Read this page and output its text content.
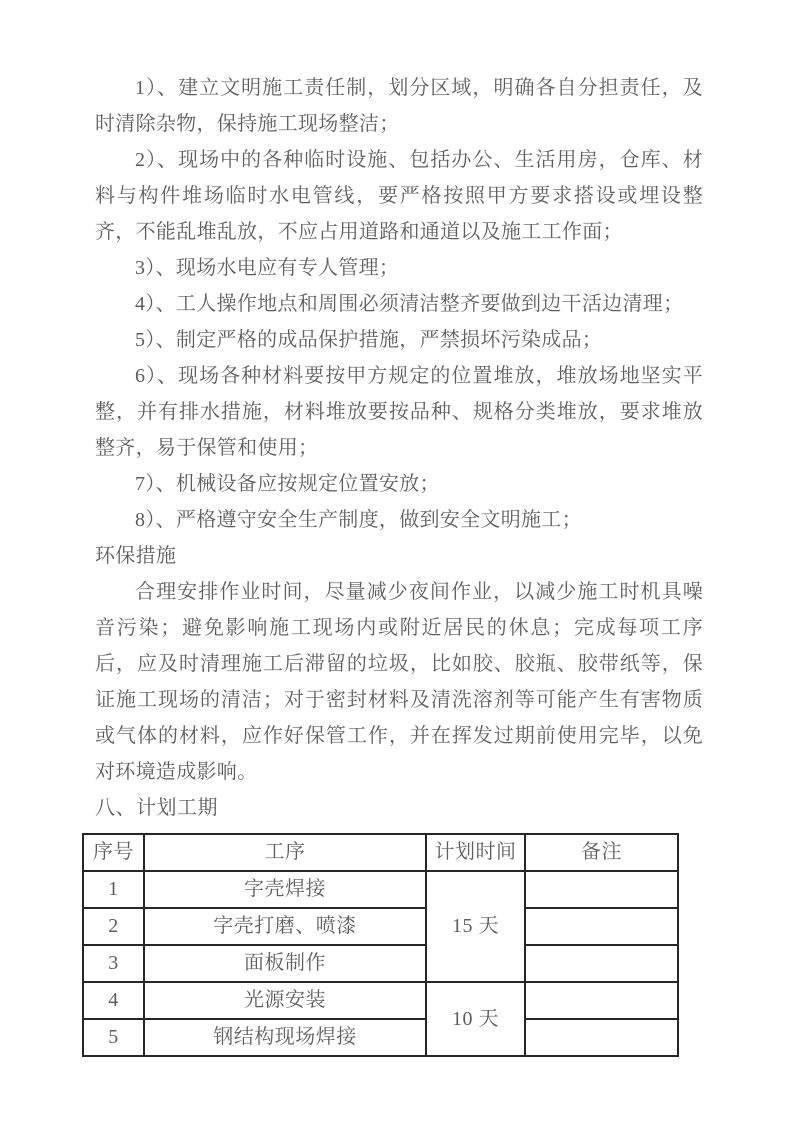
1）、建立文明施工责任制，划分区域，明确各自分担责任，及时清除杂物，保持施工现场整洁；
2）、现场中的各种临时设施、包括办公、生活用房，仓库、材料与构件堆场临时水电管线，要严格按照甲方要求搭设或埋设整齐，不能乱堆乱放，不应占用道路和通道以及施工工作面；
3）、现场水电应有专人管理；
4）、工人操作地点和周围必须清洁整齐要做到边干活边清理；
5）、制定严格的成品保护措施，严禁损坏污染成品；
6）、现场各种材料要按甲方规定的位置堆放，堆放场地坚实平整，并有排水措施，材料堆放要按品种、规格分类堆放，要求堆放整齐，易于保管和使用；
7）、机械设备应按规定位置安放；
8）、严格遵守安全生产制度，做到安全文明施工；
环保措施
合理安排作业时间，尽量减少夜间作业，以减少施工时机具噪音污染；避免影响施工现场内或附近居民的休息；完成每项工序后，应及时清理施工后滞留的垃圾，比如胶、胶瓶、胶带纸等，保证施工现场的清洁；对于密封材料及清洗溶剂等可能产生有害物质或气体的材料，应作好保管工作，并在挥发过期前使用完毕，以免对环境造成影响。
八、计划工期
序号	工序	计划时间	备注
1	字壳焊接	15 天	
2	字壳打磨、喷漆		
3	面板制作		
4	光源安装	10 天	
5	钢结构现场焊接		
